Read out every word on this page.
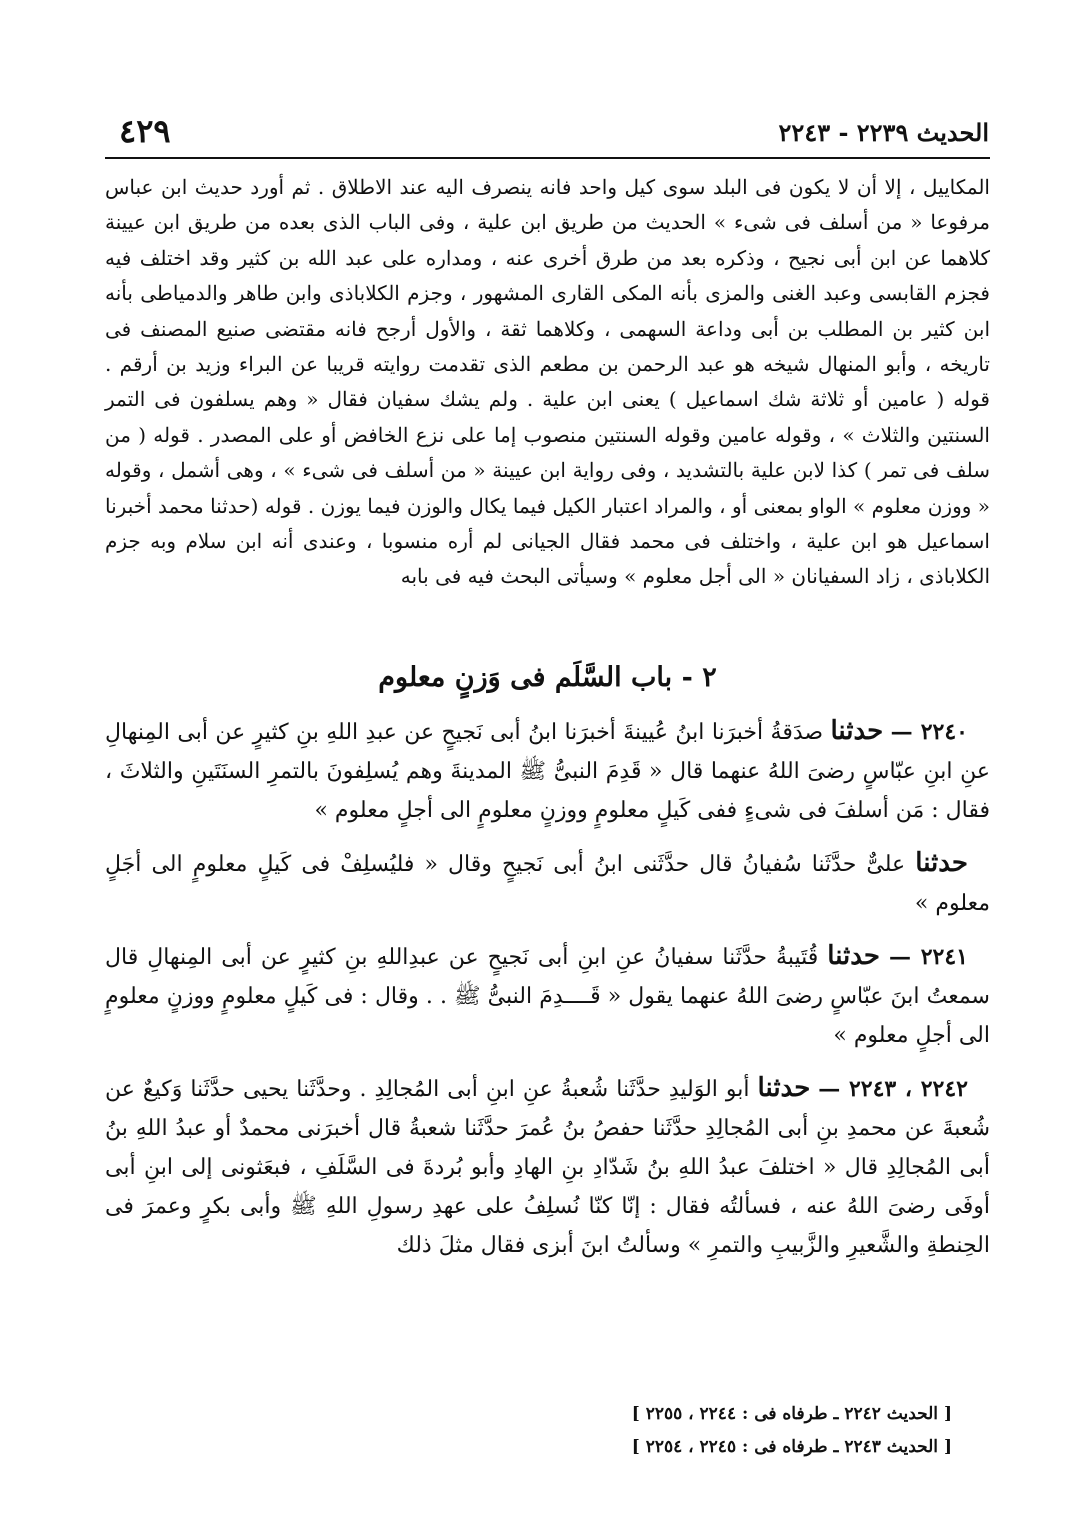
٤٢٩	الحديث ٢٢٣٩ - ٢٢٤٣
المكاييل ، إلا أن لا يكون فى البلد سوى كيل واحد فانه ينصرف اليه عند الاطلاق . ثم أورد حديث ابن عباس مرفوعا « من أسلف فى شىء » الحديث من طريق ابن علية ، وفى الباب الذى بعده من طريق ابن عيينة كلاهما عن ابن أبى نجيح ، وذكره بعد من طرق أخرى عنه ، ومداره على عبد الله بن كثير وقد اختلف فيه فجزم القابسى وعبد الغنى والمزى بأنه المكى القارى المشهور ، وجزم الكلاباذى وابن طاهر والدمياطى بأنه ابن كثير بن المطلب بن أبى وداعة السهمى ، وكلاهما ثقة ، والأول أرجح فانه مقتضى صنيع المصنف فى تاريخه ، وأبو المنهال شيخه هو عبد الرحمن بن مطعم الذى تقدمت روايته قريبا عن البراء وزيد بن أرقم . قوله ( عامين أو ثلاثة شك اسماعيل ) يعنى ابن علية . ولم يشك سفيان فقال « وهم يسلفون فى التمر السنتين والثلاث » ، وقوله عامين وقوله السنتين منصوب إما على نزع الخافض أو على المصدر . قوله ( من سلف فى تمر ) كذا لابن علية بالتشديد ، وفى رواية ابن عيينة « من أسلف فى شىء » ، وهى أشمل ، وقوله « ووزن معلوم » الواو بمعنى أو ، والمراد اعتبار الكيل فيما يكال والوزن فيما يوزن . قوله (حدثنا محمد أخبرنا اسماعيل هو ابن علية ، واختلف فى محمد فقال الجيانى لم أره منسوبا ، وعندى أنه ابن سلام وبه جزم الكلاباذى ، زاد السفيانان « الى أجل معلوم » وسيأتى البحث فيه فى بابه
٢ - باب السَّلَم فى وَزنٍ معلوم

٢٢٤٠ — حدثنا صدَقةُ أخبرَنا ابنُ عُيينةَ أخبرَنا ابنُ أبى نَجيحٍ عن عبدِ اللهِ بنِ كثيرٍ عن أبى المِنهالِ عنِ ابنِ عبّاسٍ رضىَ اللهُ عنهما قال « قَدِمَ النبىُّ ﷺ المدينةَ وهم يُسلِفونَ بالتمرِ السنَتَينِ والثلاثَ ، فقال : مَن أسلفَ فى شىءٍ ففى كَيلٍ معلومٍ ووزنٍ معلومٍ الى أجلٍ معلوم »

حدثنا علىٌّ حدَّثَنا سُفيانُ قال حدَّثَنى ابنُ أبى نَجيحٍ وقال « فليُسلِفْ فى كَيلٍ معلومٍ الى أجَلٍ معلوم »

٢٢٤١ — حدثنا قُتَيبةُ حدَّثَنا سفيانُ عنِ ابنِ أبى نَجيحٍ عن عبدِاللهِ بنِ كثيرٍ عن أبى المِنهالِ قال سمعتُ ابنَ عبّاسٍ رضىَ اللهُ عنهما يقول « قَــــدِمَ النبىُّ ﷺ . . وقال : فى كَيلٍ معلومٍ ووزنٍ معلومٍ الى أجلٍ معلوم »

٢٢٤٢ ، ٢٢٤٣ — حدثنا أبو الوَليدِ حدَّثَنا شُعبةُ عنِ ابنِ أبى المُجالِدِ . وحدَّثَنا يحيى حدَّثَنا وَكيعٌ عن شُعبةَ عن محمدِ بنِ أبى المُجالِدِ حدَّثَنا حفصُ بنُ عُمرَ حدَّثَنا شعبةُ قال أخبرَنى محمدٌ أو عبدُ اللهِ بنُ أبى المُجالِدِ قال « اختلفَ عبدُ اللهِ بنُ شَدّادِ بنِ الهادِ وأبو بُردةَ فى السَّلَفِ ، فبعَثونى إلى ابنِ أبى أوفَى رضىَ اللهُ عنه ، فسألتُه فقال : إنّا كنّا نُسلِفُ على عهدِ رسولِ اللهِ ﷺ وأبى بكرٍ وعمرَ فى الحِنطةِ والشَّعيرِ والزَّبيبِ والتمرِ » وسألتُ ابنَ أبزى فقال مثلَ ذلك

[ الحديث ٢٢٤٢ ـ طرفاه فى : ٢٢٤٤ ، ٢٢٥٥ ]
[ الحديث ٢٢٤٣ ـ طرفاه فى : ٢٢٤٥ ، ٢٢٥٤ ]
